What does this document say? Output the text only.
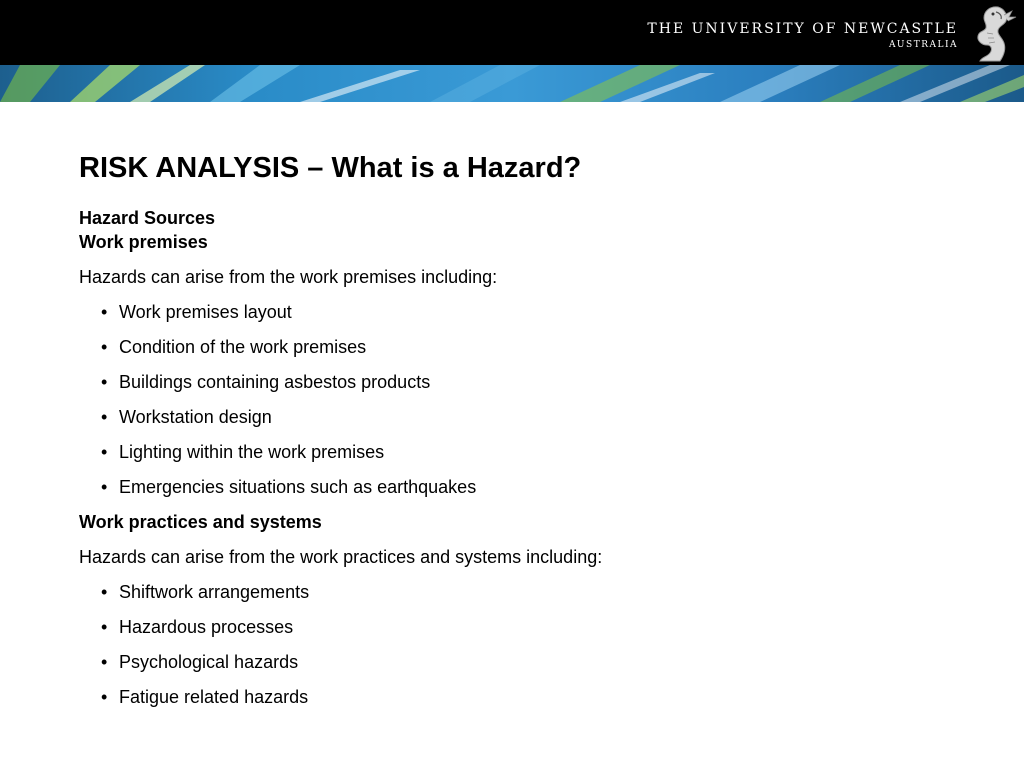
THE UNIVERSITY OF NEWCASTLE
AUSTRALIA
RISK ANALYSIS – What is a Hazard?
Hazard Sources
Work premises
Hazards can arise from the work premises including:
• Work premises layout
• Condition of the work premises
• Buildings containing asbestos products
• Workstation design
• Lighting within the work premises
• Emergencies situations such as earthquakes
Work practices and systems
Hazards can arise from the work practices and systems including:
• Shiftwork arrangements
• Hazardous processes
• Psychological hazards
• Fatigue related hazards
